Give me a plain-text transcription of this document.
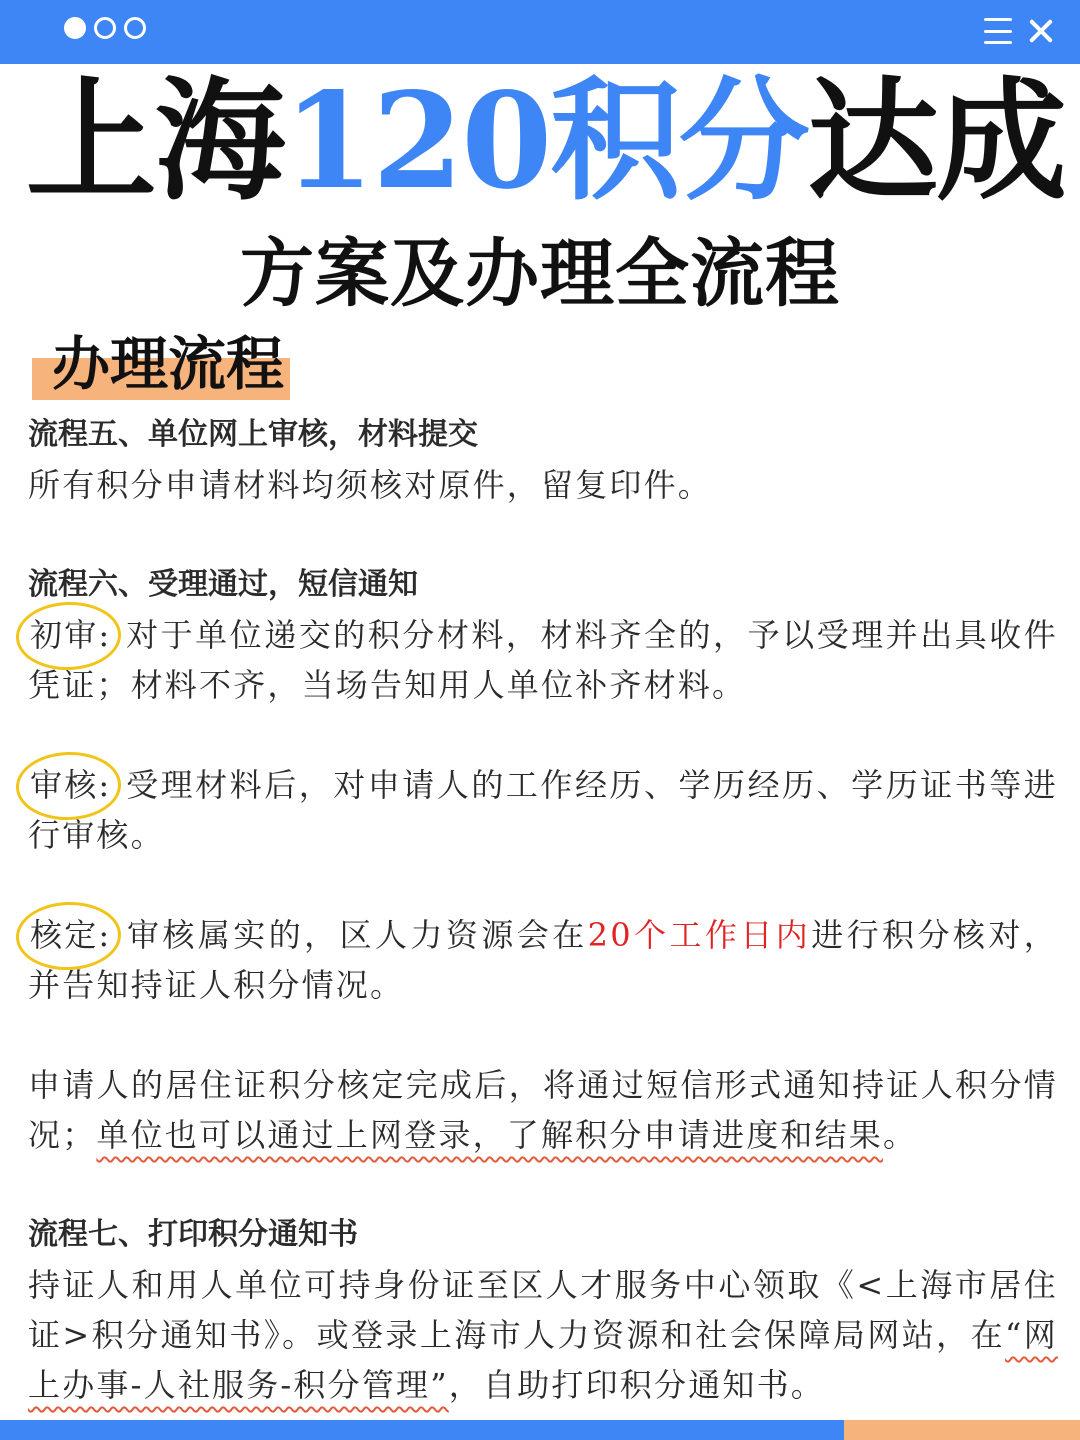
上海120积分达成
方案及办理全流程
办理流程
流程五、单位网上审核，材料提交
所有积分申请材料均须核对原件，留复印件。
流程六、受理通过，短信通知
初审: 对于单位递交的积分材料，材料齐全的，予以受理并出具收件凭证；材料不齐，当场告知用人单位补齐材料。
审核: 受理材料后，对申请人的工作经历、学历经历、学历证书等进行审核。
核定: 审核属实的，区人力资源会在20个工作日内进行积分核对，并告知持证人积分情况。
申请人的居住证积分核定完成后，将通过短信形式通知持证人积分情况；单位也可以通过上网登录，了解积分申请进度和结果。
流程七、打印积分通知书
持证人和用人单位可持身份证至区人才服务中心领取《<上海市居住证>积分通知书》。或登录上海市人力资源和社会保障局网站，在“网上办事-人社服务-积分管理”，自助打印积分通知书。
